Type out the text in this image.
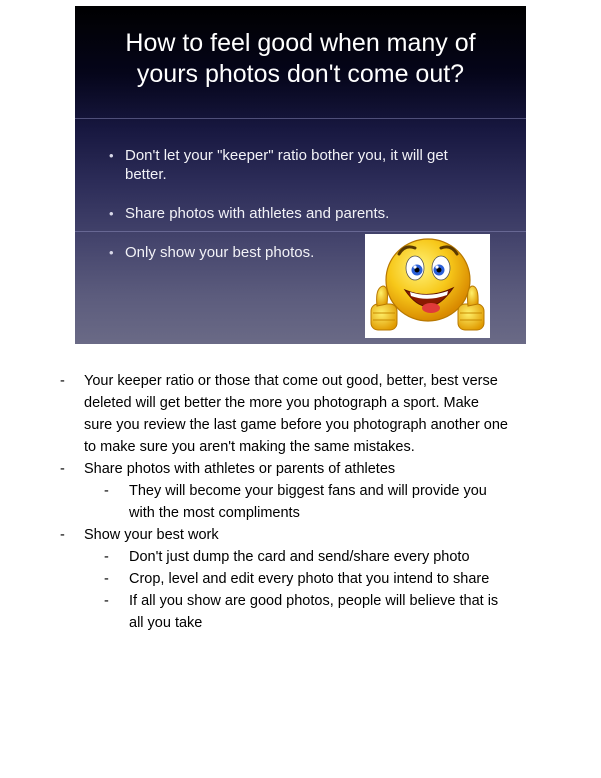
How to feel good when many of
yours photos don't come out?
• Don't let your "keeper" ratio bother you, it will get
better.
• Share photos with athletes and parents.
• Only show your best photos.
- Your keeper ratio or those that come out good, better, best verse
deleted will get better the more you photograph a sport. Make
sure you review the last game before you photograph another one
to make sure you aren't making the same mistakes.
- Share photos with athletes or parents of athletes
- They will become your biggest fans and will provide you
with the most compliments
- Show your best work
- Don't just dump the card and send/share every photo
- Crop, level and edit every photo that you intend to share
- If all you show are good photos, people will believe that is
all you take
